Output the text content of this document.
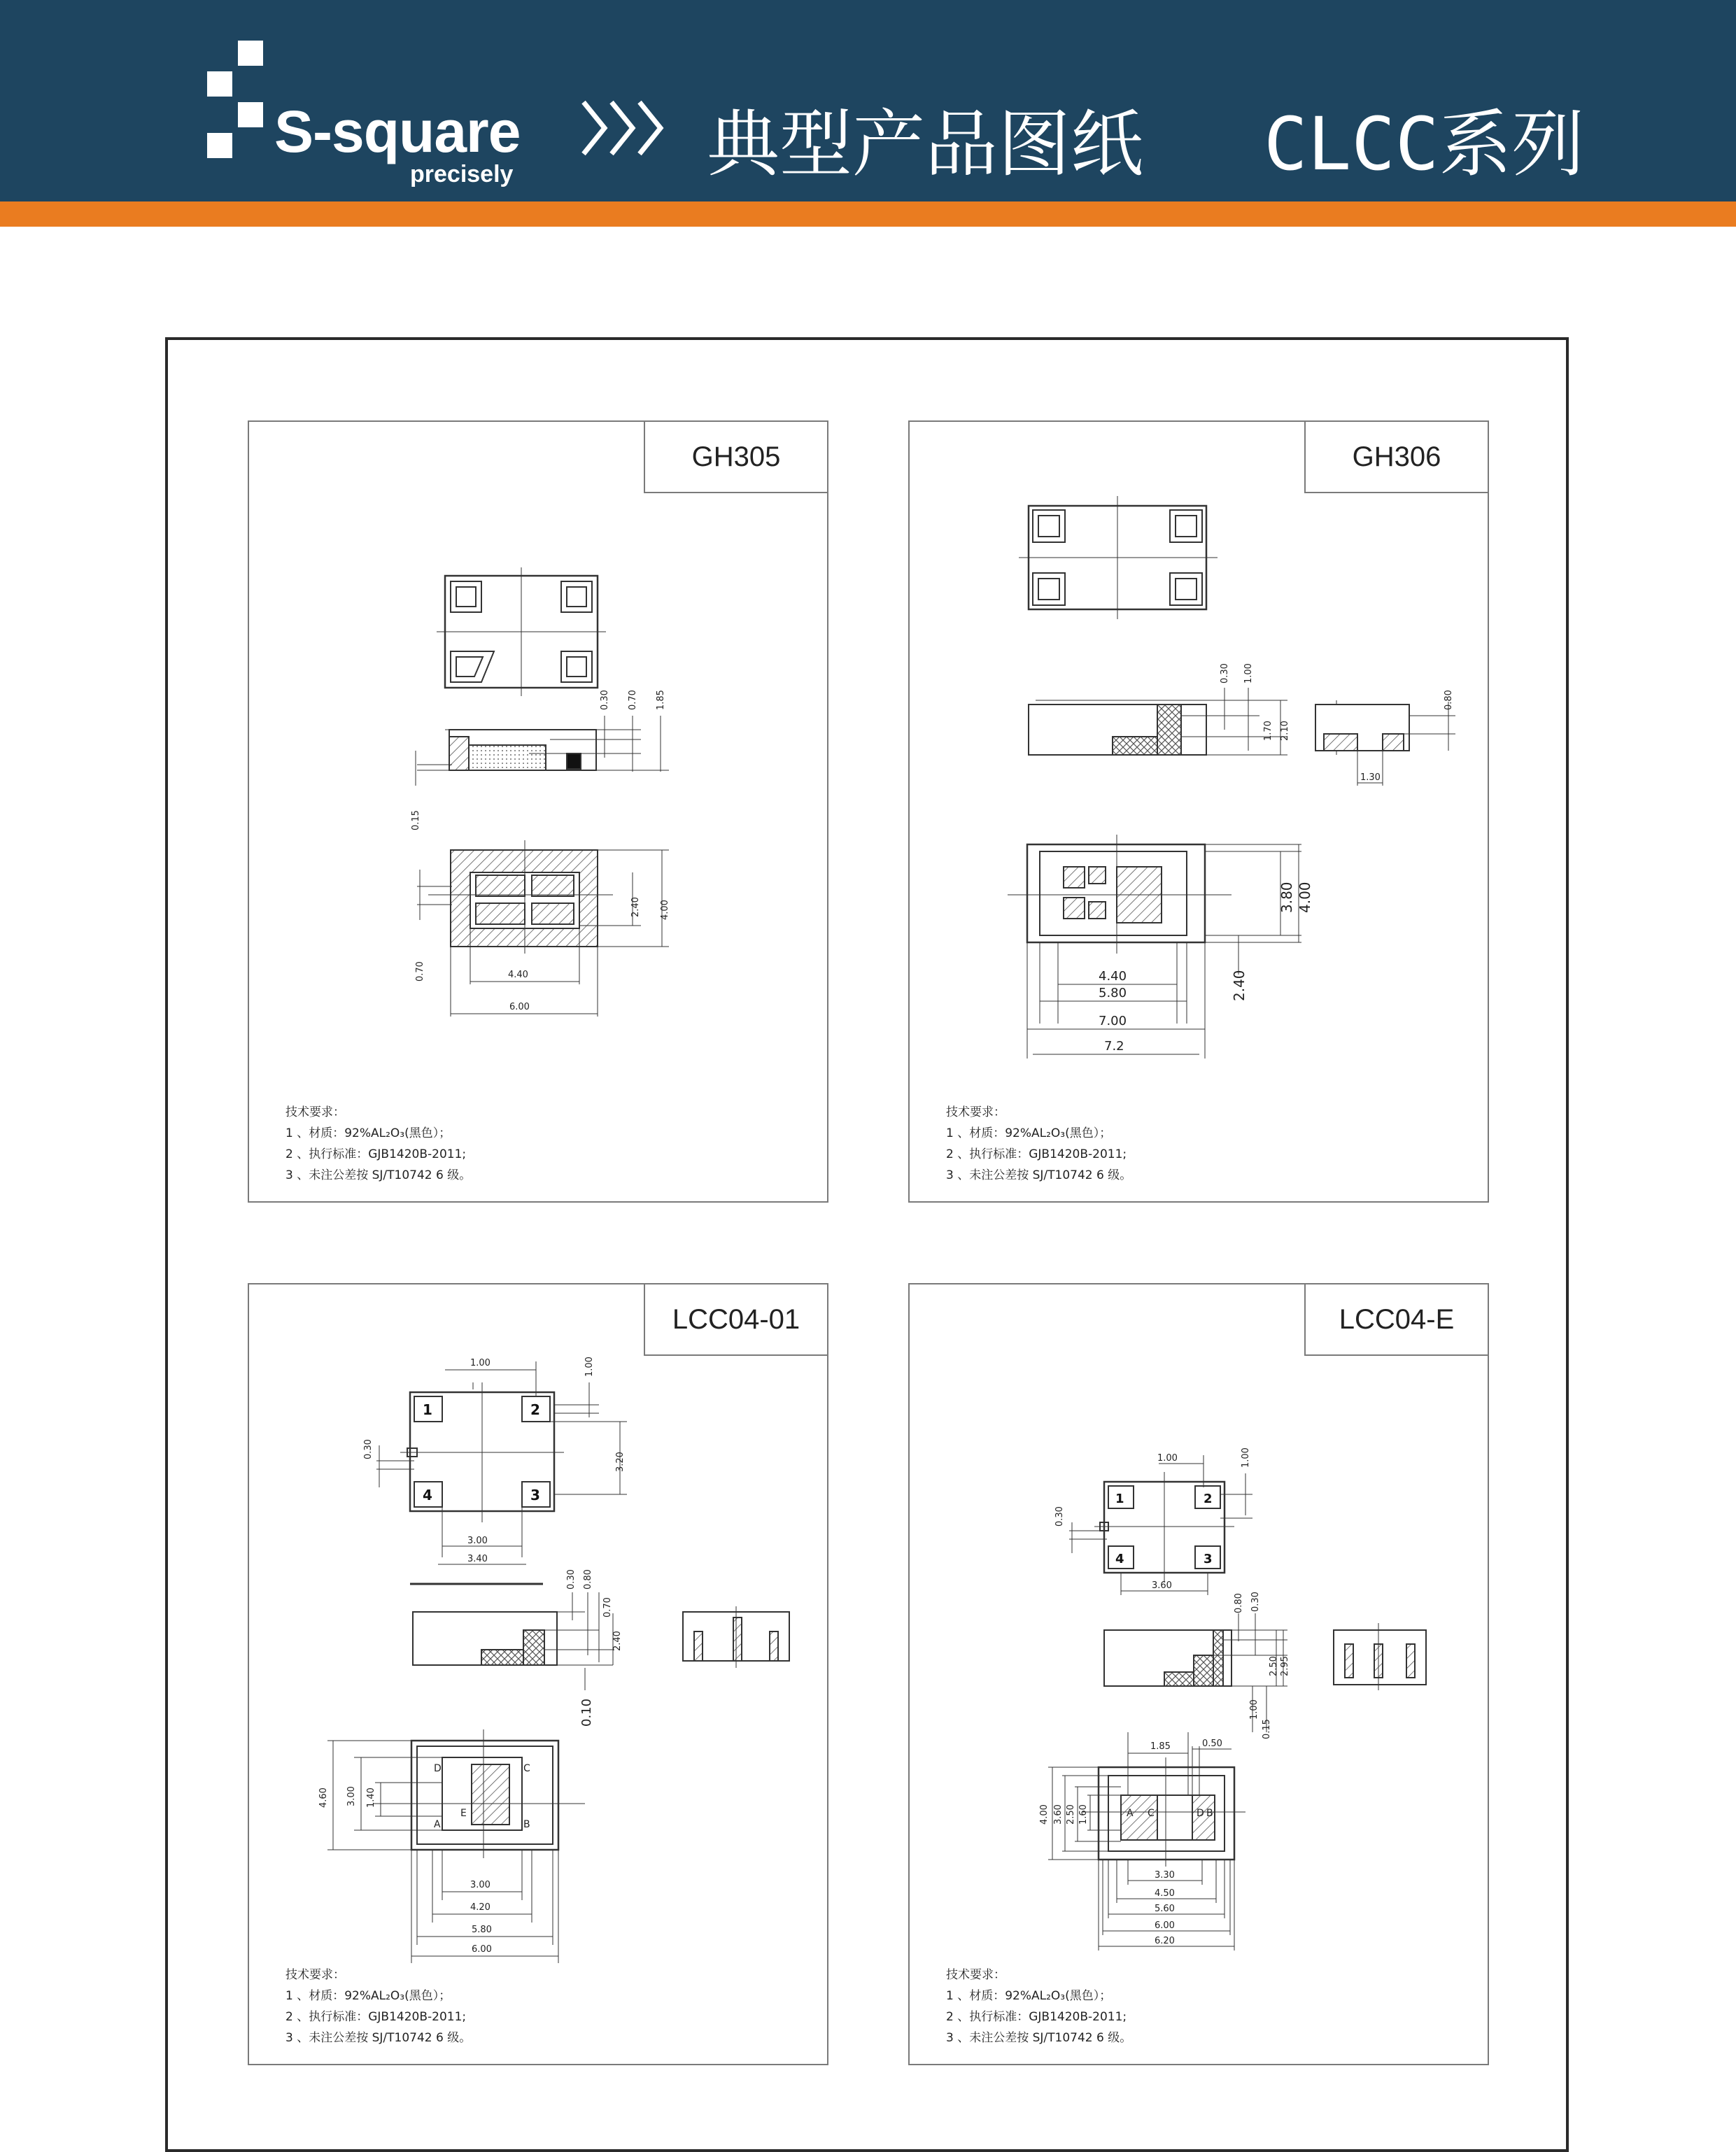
S-square
precisely	典型产品图纸 CLCC系列
GH305
0.30 0.70 1.85
0.15
2.40 4.00
0.70	4.40
6.00
技术要求：
1 、材质：92%AL₂O₃(黑色）；
2 、执行标准：GJB1420B-2011;
3 、未注公差按 SJ/T10742 6 级。
GH306
0.30 1.00
1.70 2.10
0.80
1.30
3.80 4.00
2.40
4.40
5.80
7.00
7.2
技术要求：
1 、材质：92%AL₂O₃(黑色）；
2 、执行标准：GJB1420B-2011;
3 、未注公差按 SJ/T10742 6 级。
LCC04-01
1	2
4	3
1.00	1.00
0.30
3.20
3.00
3.40
0.30 0.80
0.70
2.40
0.10
D	C
A
E
B
4.60 3.00 1.40
3.00
4.20
5.80
6.00
技术要求：
1 、材质：92%AL₂O₃(黑色）；
2 、执行标准：GJB1420B-2011;
3 、未注公差按 SJ/T10742 6 级。
LCC04-E
1	2
4	3
1.00	1.00
0.30
3.60
0.80 0.30
2.50 2.95
1.00
0.15
A C	D B
1.85	0.50
4.00 3.60 2.50 1.60
3.30
4.50
5.60
6.00
6.20
技术要求：
1 、材质：92%AL₂O₃(黑色）；
2 、执行标准：GJB1420B-2011;
3 、未注公差按 SJ/T10742 6 级。
